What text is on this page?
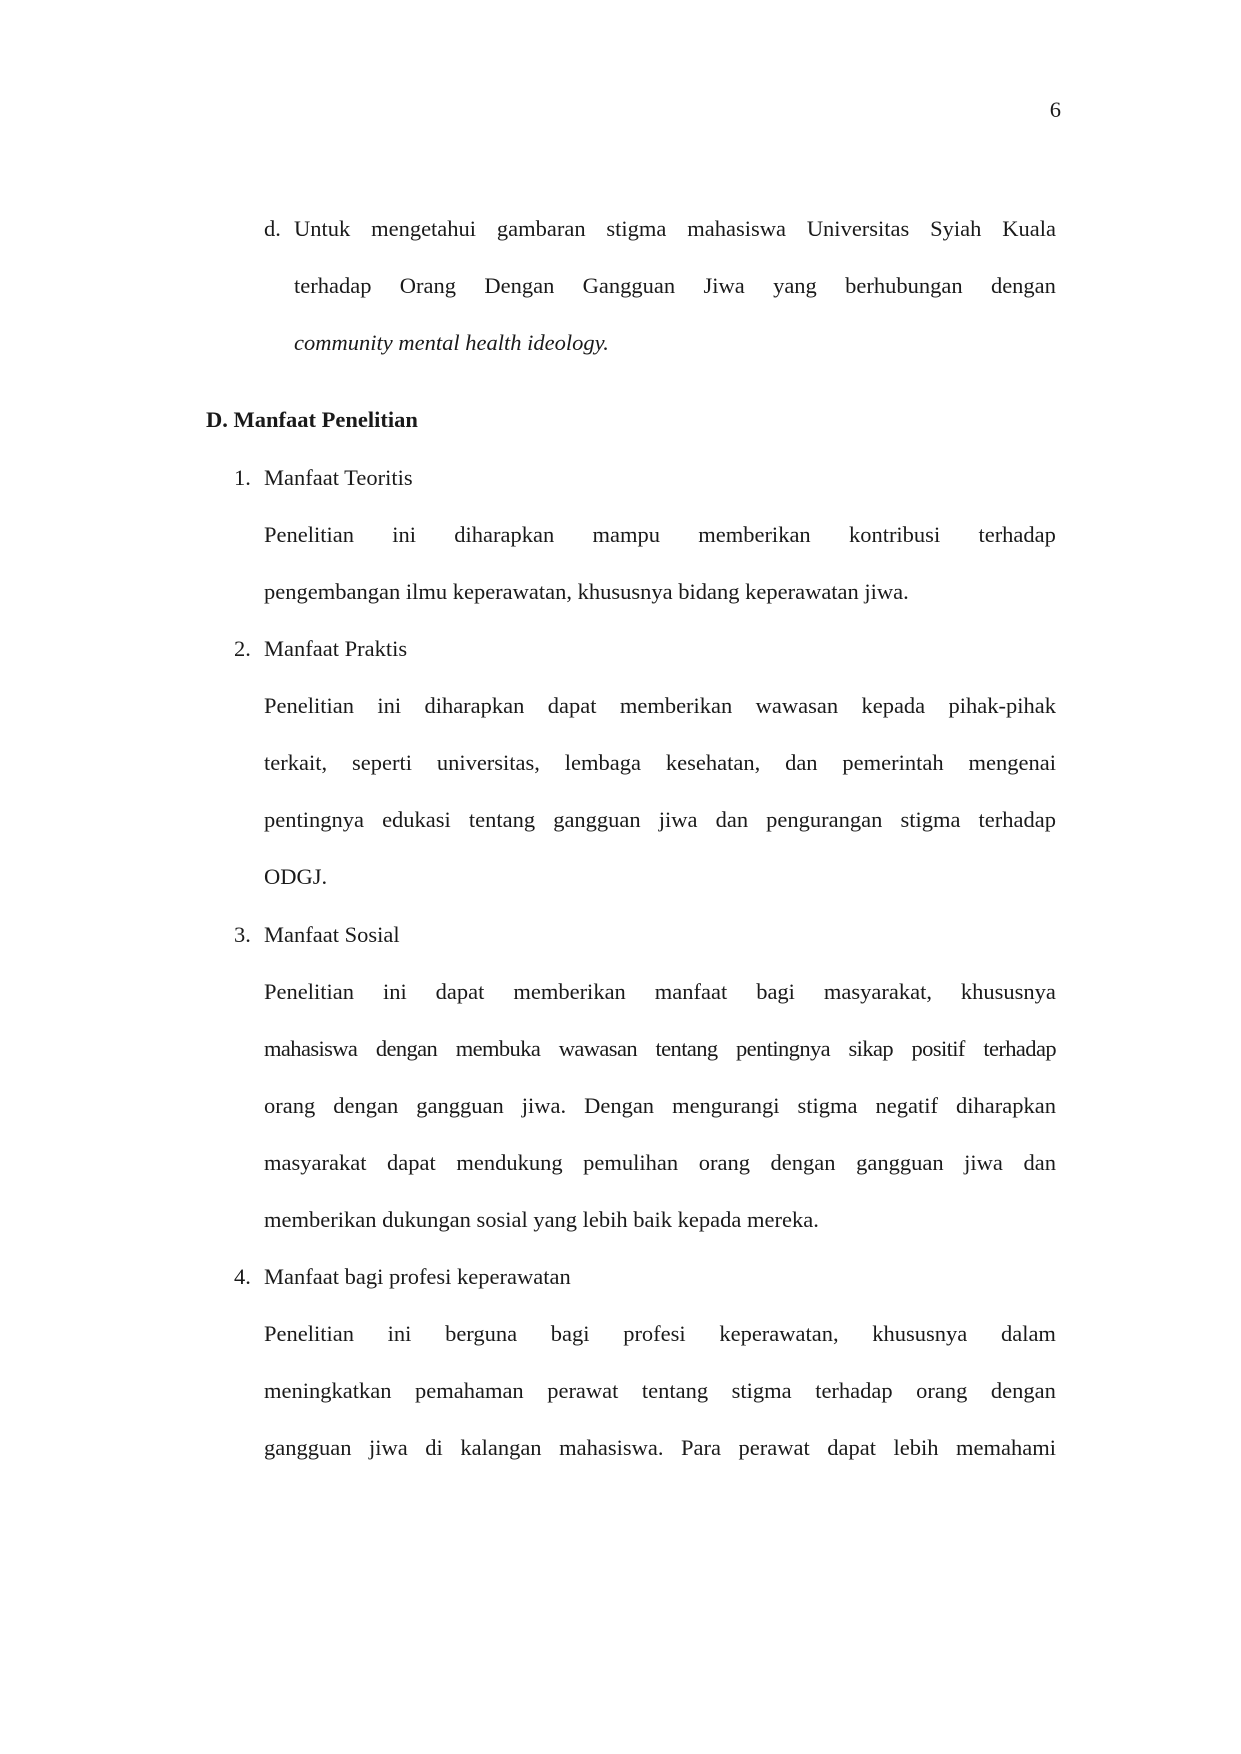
6
d. Untuk mengetahui gambaran stigma mahasiswa Universitas Syiah Kuala
terhadap Orang Dengan Gangguan Jiwa yang berhubungan dengan
community mental health ideology.
D. Manfaat Penelitian
1. Manfaat Teoritis
Penelitian ini diharapkan mampu memberikan kontribusi terhadap
pengembangan ilmu keperawatan, khususnya bidang keperawatan jiwa.
2. Manfaat Praktis
Penelitian ini diharapkan dapat memberikan wawasan kepada pihak-pihak
terkait, seperti universitas, lembaga kesehatan, dan pemerintah mengenai
pentingnya edukasi tentang gangguan jiwa dan pengurangan stigma terhadap
ODGJ.
3. Manfaat Sosial
Penelitian ini dapat memberikan manfaat bagi masyarakat, khususnya
mahasiswa dengan membuka wawasan tentang pentingnya sikap positif terhadap
orang dengan gangguan jiwa. Dengan mengurangi stigma negatif diharapkan
masyarakat dapat mendukung pemulihan orang dengan gangguan jiwa dan
memberikan dukungan sosial yang lebih baik kepada mereka.
4. Manfaat bagi profesi keperawatan
Penelitian ini berguna bagi profesi keperawatan, khususnya dalam
meningkatkan pemahaman perawat tentang stigma terhadap orang dengan
gangguan jiwa di kalangan mahasiswa. Para perawat dapat lebih memahami
